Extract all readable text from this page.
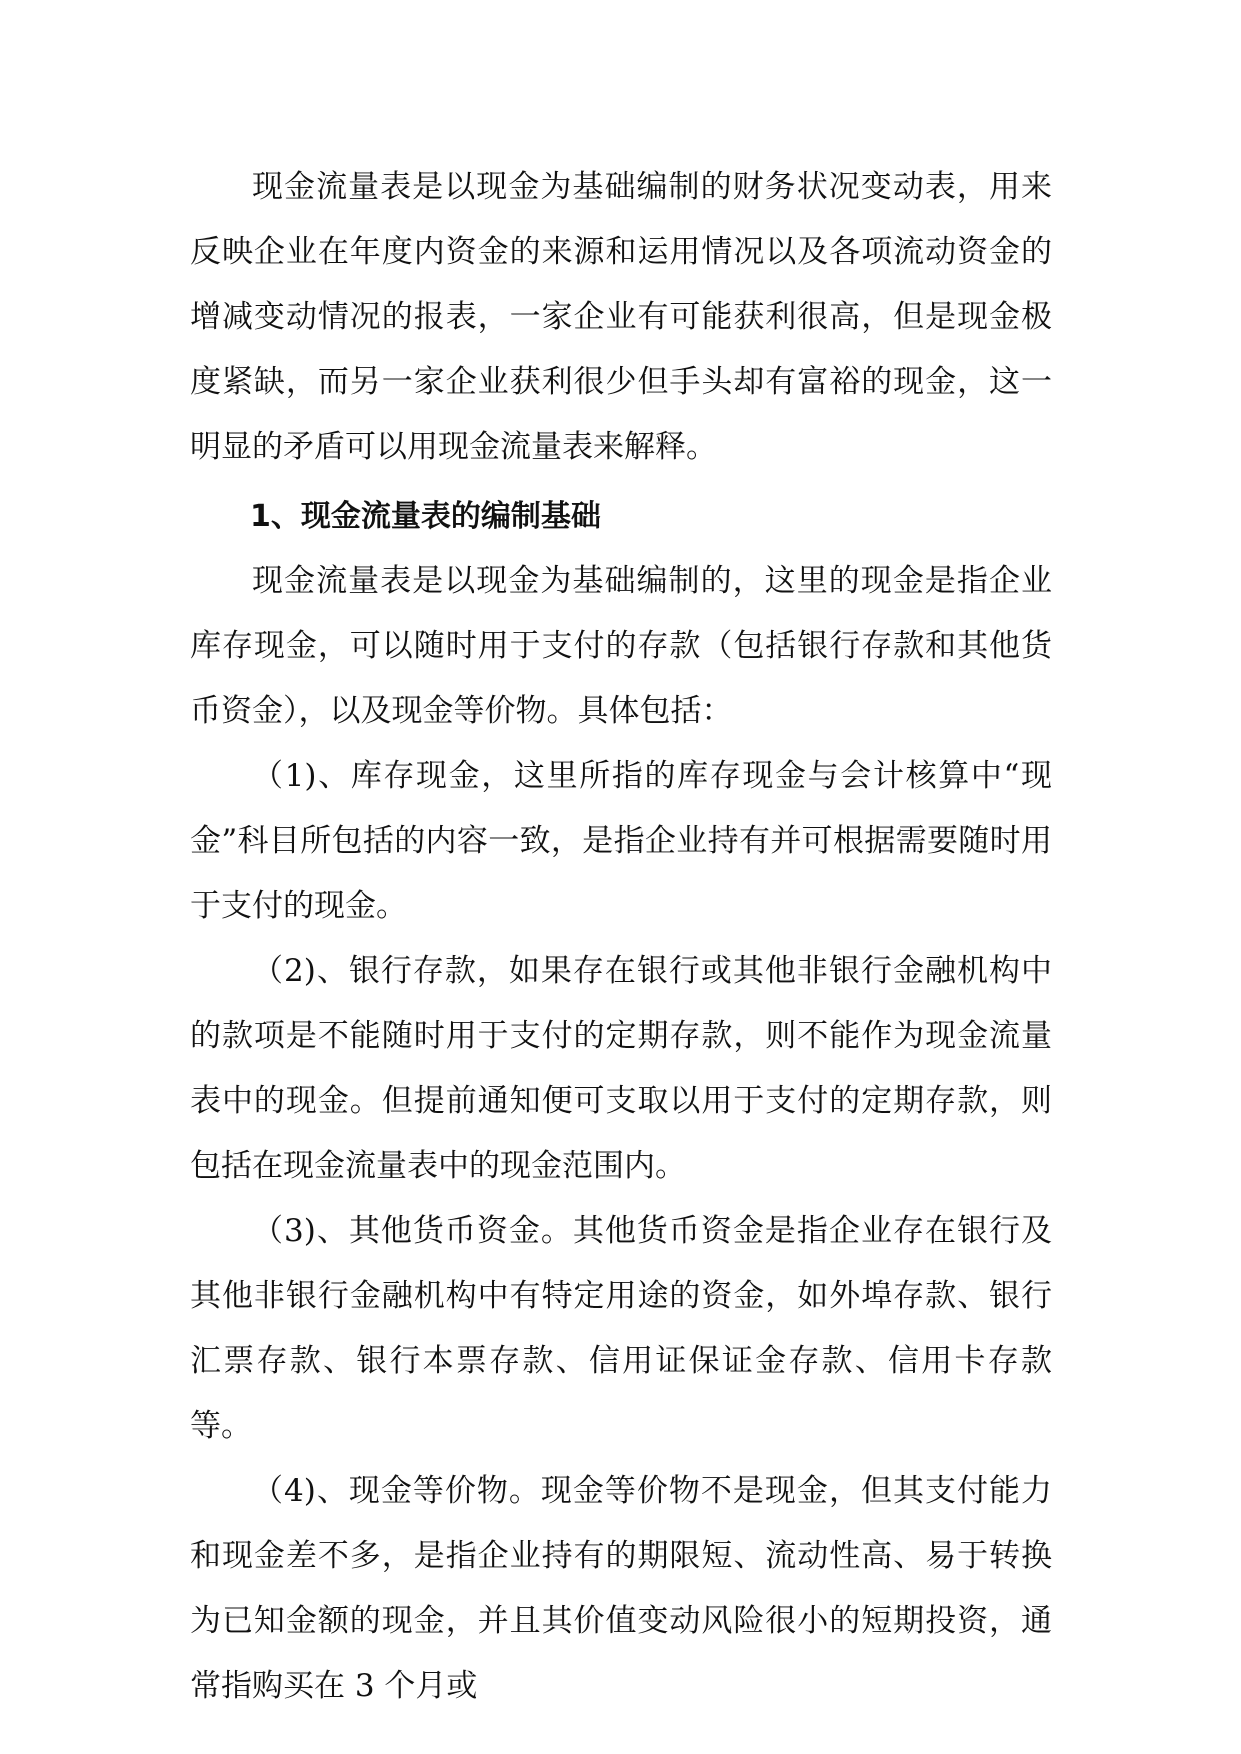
现金流量表是以现金为基础编制的财务状况变动表，用来反映企业在年度内资金的来源和运用情况以及各项流动资金的增减变动情况的报表，一家企业有可能获利很高，但是现金极度紧缺，而另一家企业获利很少但手头却有富裕的现金，这一明显的矛盾可以用现金流量表来解释。

1、现金流量表的编制基础

现金流量表是以现金为基础编制的，这里的现金是指企业库存现金，可以随时用于支付的存款（包括银行存款和其他货币资金），以及现金等价物。具体包括：

（1)、库存现金，这里所指的库存现金与会计核算中“现金”科目所包括的内容一致，是指企业持有并可根据需要随时用于支付的现金。

（2)、银行存款，如果存在银行或其他非银行金融机构中的款项是不能随时用于支付的定期存款，则不能作为现金流量表中的现金。但提前通知便可支取以用于支付的定期存款，则包括在现金流量表中的现金范围内。

（3)、其他货币资金。其他货币资金是指企业存在银行及其他非银行金融机构中有特定用途的资金，如外埠存款、银行汇票存款、银行本票存款、信用证保证金存款、信用卡存款等。

（4)、现金等价物。现金等价物不是现金，但其支付能力和现金差不多，是指企业持有的期限短、流动性高、易于转换为已知金额的现金，并且其价值变动风险很小的短期投资，通常指购买在 3 个月或
